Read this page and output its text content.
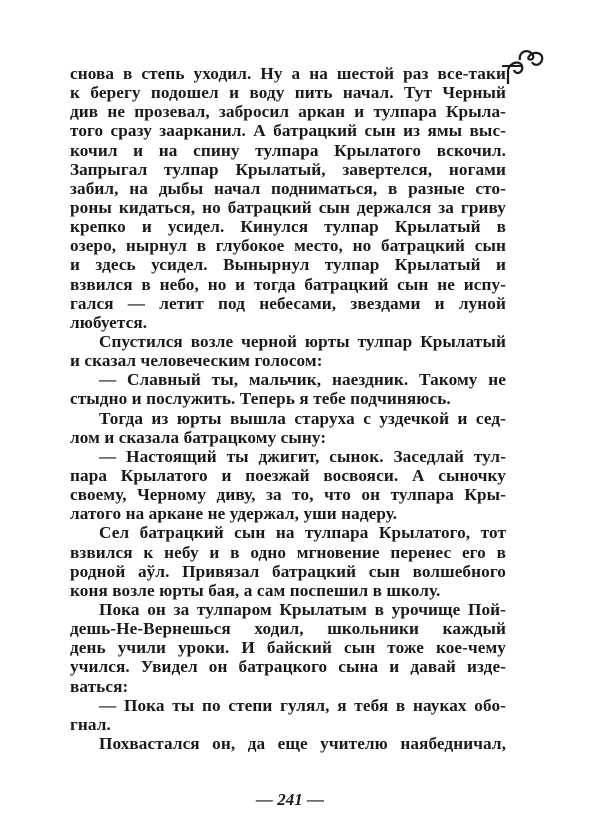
снова в степь уходил. Ну а на шестой раз все-таки
к берегу подошел и воду пить начал. Тут Черный
див не прозевал, забросил аркан и тулпара Крыла-
того сразу заарканил. А батрацкий сын из ямы выс-
кочил и на спину тулпара Крылатого вскочил.
Запрыгал тулпар Крылатый, завертелся, ногами
забил, на дыбы начал подниматься, в разные сто-
роны кидаться, но батрацкий сын держался за гриву
крепко и усидел. Кинулся тулпар Крылатый в
озеро, нырнул в глубокое место, но батрацкий сын
и здесь усидел. Вынырнул тулпар Крылатый и
взвился в небо, но и тогда батрацкий сын не испу-
гался — летит под небесами, звездами и луной
любуется.
Спустился возле черной юрты тулпар Крылатый
и сказал человеческим голосом:
— Славный ты, мальчик, наездник. Такому не
стыдно и послужить. Теперь я тебе подчиняюсь.
Тогда из юрты вышла старуха с уздечкой и сед-
лом и сказала батрацкому сыну:
— Настоящий ты джигит, сынок. Заседлай тул-
пара Крылатого и поезжай восвояси. А сыночку
своему, Черному диву, за то, что он тулпара Кры-
латого на аркане не удержал, уши надеру.
Сел батрацкий сын на тулпара Крылатого, тот
взвился к небу и в одно мгновение перенес его в
родной аўл. Привязал батрацкий сын волшебного
коня возле юрты бая, а сам поспешил в школу.
Пока он за тулпаром Крылатым в урочище Пой-
дешь-Не-Вернешься ходил, школьники каждый
день учили уроки. И байский сын тоже кое-чему
учился. Увидел он батрацкого сына и давай изде-
ваться:
— Пока ты по степи гулял, я тебя в науках обо-
гнал.
Похвастался он, да еще учителю наябедничал,
— 241 —
